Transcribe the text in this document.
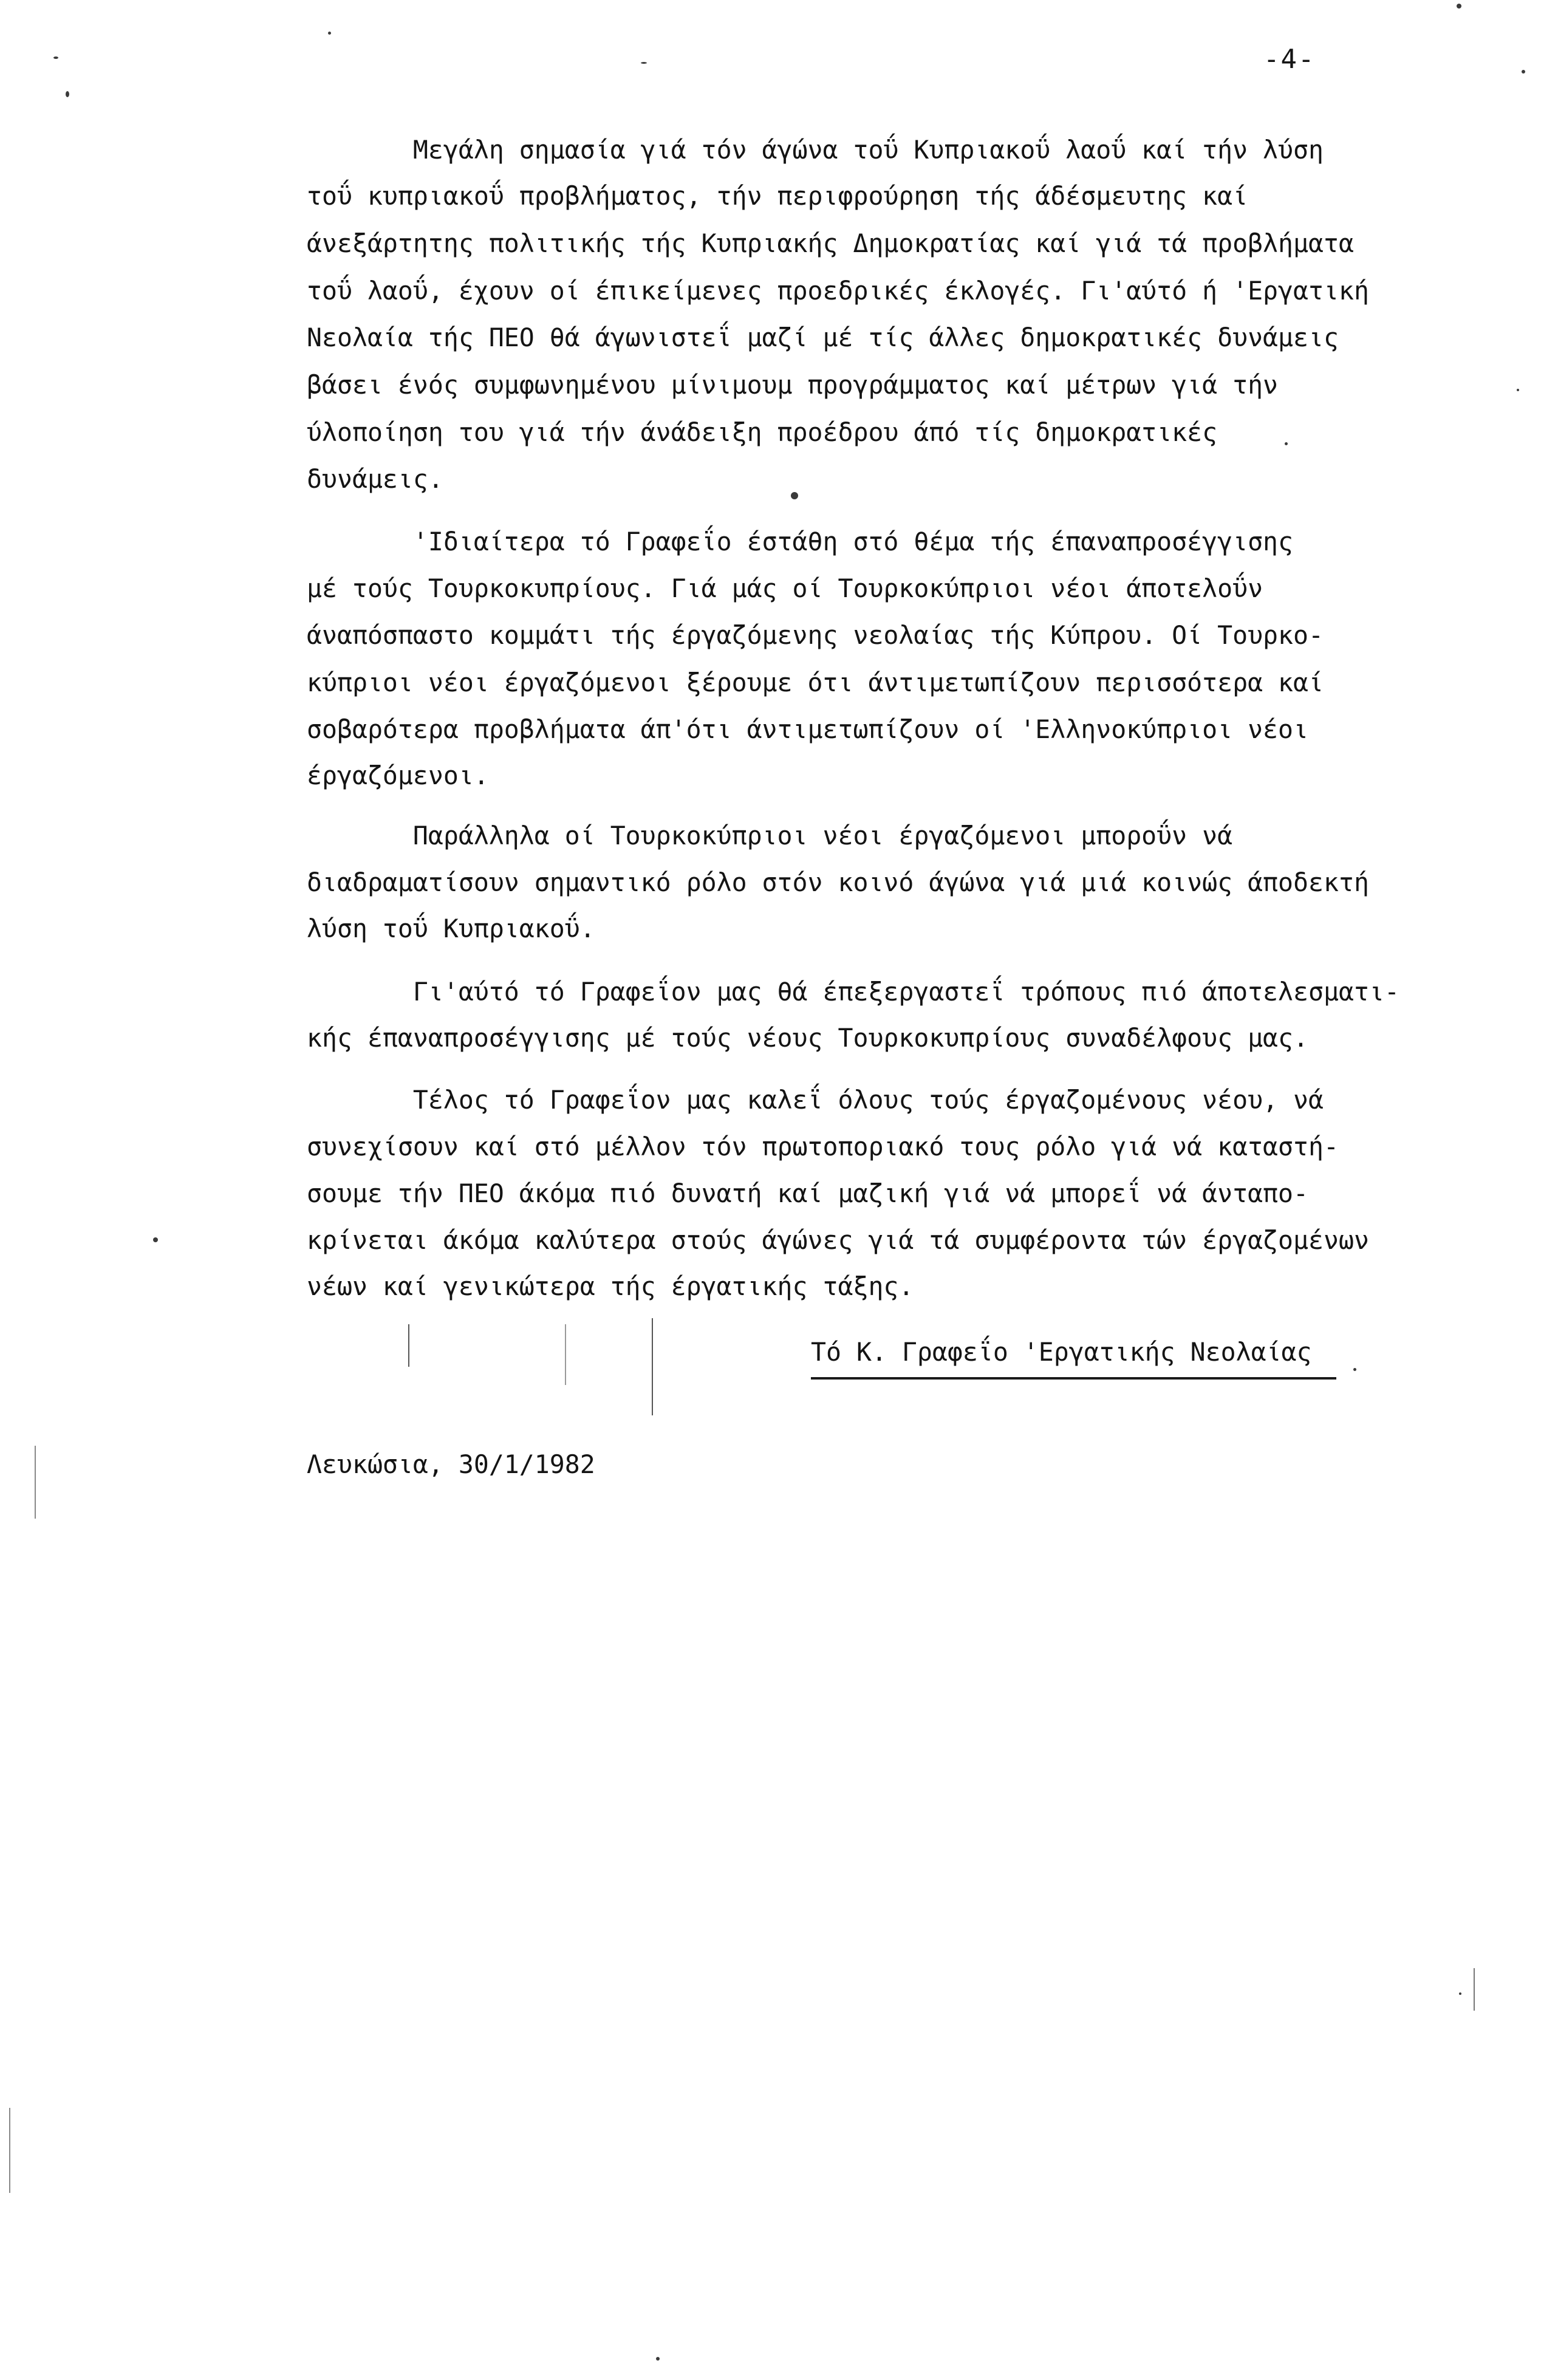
-4-
Μεγάλη σημασία γιά τόν άγώνα τοΰ Κυπριακοΰ λαοΰ καί τήν λύση
τοΰ κυπριακοΰ προβλήματος, τήν περιφρούρηση τής άδέσμευτης καί
άνεξάρτητης πολιτικής τής Κυπριακής Δημοκρατίας καί γιά τά προβλήματα
τοΰ λαοΰ, έχουν οί έπικείμενες προεδρικές έκλογές. Γι'αύτό ή 'Εργατική
Νεολαία τής ΠΕΟ θά άγωνιστεΐ μαζί μέ τίς άλλες δημοκρατικές δυνάμεις
βάσει ένός συμφωνημένου μίνιμουμ προγράμματος καί μέτρων γιά τήν
ύλοποίηση του γιά τήν άνάδειξη προέδρου άπό τίς δημοκρατικές
δυνάμεις.
'Ιδιαίτερα τό Γραφεΐο έστάθη στό θέμα τής έπαναπροσέγγισης
μέ τούς Τουρκοκυπρίους. Γιά μάς οί Τουρκοκύπριοι νέοι άποτελοΰν
άναπόσπαστο κομμάτι τής έργαζόμενης νεολαίας τής Κύπρου. Οί Τουρκο-
κύπριοι νέοι έργαζόμενοι ξέρουμε ότι άντιμετωπίζουν περισσότερα καί
σοβαρότερα προβλήματα άπ'ότι άντιμετωπίζουν οί 'Ελληνοκύπριοι νέοι
έργαζόμενοι.
Παράλληλα οί Τουρκοκύπριοι νέοι έργαζόμενοι μποροΰν νά
διαδραματίσουν σημαντικό ρόλο στόν κοινό άγώνα γιά μιά κοινώς άποδεκτή
λύση τοΰ Κυπριακοΰ.
Γι'αύτό τό Γραφεΐον μας θά έπεξεργαστεΐ τρόπους πιό άποτελεσματι-
κής έπαναπροσέγγισης μέ τούς νέους Τουρκοκυπρίους συναδέλφους μας.
Τέλος τό Γραφεΐον μας καλεΐ όλους τούς έργαζομένους νέου, νά
συνεχίσουν καί στό μέλλον τόν πρωτοποριακό τους ρόλο γιά νά καταστή-
σουμε τήν ΠΕΟ άκόμα πιό δυνατή καί μαζική γιά νά μπορεΐ νά άνταπο-
κρίνεται άκόμα καλύτερα στούς άγώνες γιά τά συμφέροντα τών έργαζομένων
νέων καί γενικώτερα τής έργατικής τάξης.
Τό Κ. Γραφεΐο 'Εργατικής Νεολαίας
Λευκώσια, 30/1/1982
